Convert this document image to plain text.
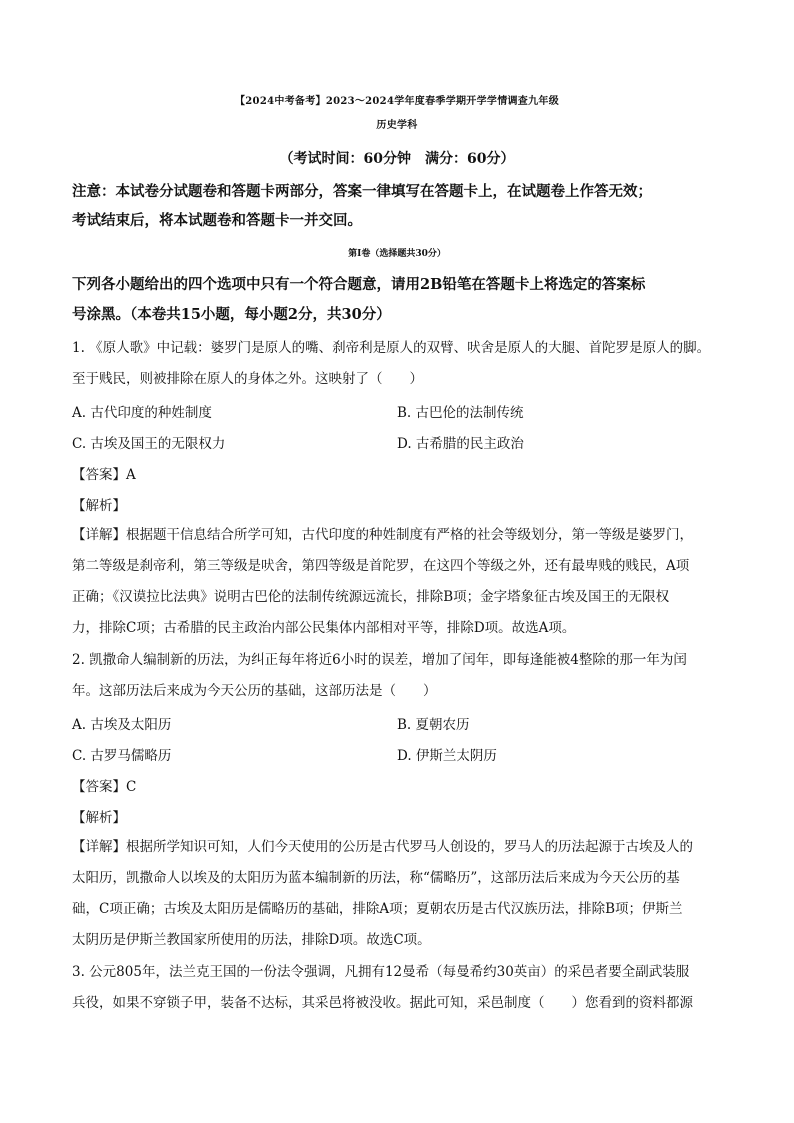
【2024中考备考】2023～2024学年度春季学期开学学情调查九年级
历史学科
（考试时间：60分钟　满分：60分）
注意：本试卷分试题卷和答题卡两部分，答案一律填写在答题卡上，在试题卷上作答无效；
考试结束后，将本试题卷和答题卡一并交回。
第Ⅰ卷（选择题共30分）
下列各小题给出的四个选项中只有一个符合题意，请用2B铅笔在答题卡上将选定的答案标
号涂黑。（本卷共15小题，每小题2分，共30分）
1. 《原人歌》中记载：婆罗门是原人的嘴、刹帝利是原人的双臂、吠舍是原人的大腿、首陀罗是原人的脚。
至于贱民，则被排除在原人的身体之外。这映射了（　　）
A. 古代印度的种姓制度	B. 古巴伦的法制传统
C. 古埃及国王的无限权力	D. 古希腊的民主政治
【答案】A
【解析】
【详解】根据题干信息结合所学可知，古代印度的种姓制度有严格的社会等级划分，第一等级是婆罗门，
第二等级是刹帝利，第三等级是吠舍，第四等级是首陀罗，在这四个等级之外，还有最卑贱的贱民，A项
正确；《汉谟拉比法典》说明古巴伦的法制传统源远流长，排除B项；金字塔象征古埃及国王的无限权
力，排除C项；古希腊的民主政治内部公民集体内部相对平等，排除D项。故选A项。
2. 凯撒命人编制新的历法，为纠正每年将近6小时的误差，增加了闰年，即每逢能被4整除的那一年为闰
年。这部历法后来成为今天公历的基础，这部历法是（　　）
A. 古埃及太阳历	B. 夏朝农历
C. 古罗马儒略历	D. 伊斯兰太阴历
【答案】C
【解析】
【详解】根据所学知识可知，人们今天使用的公历是古代罗马人创设的，罗马人的历法起源于古埃及人的
太阳历，凯撒命人以埃及的太阳历为蓝本编制新的历法，称“儒略历”，这部历法后来成为今天公历的基
础，C项正确；古埃及太阳历是儒略历的基础，排除A项；夏朝农历是古代汉族历法，排除B项；伊斯兰
太阴历是伊斯兰教国家所使用的历法，排除D项。故选C项。
3. 公元805年，法兰克王国的一份法令强调，凡拥有12曼希（每曼希约30英亩）的采邑者要全副武装服
兵役，如果不穿锁子甲，装备不达标，其采邑将被没收。据此可知，采邑制度（　　）您看到的资料都源
